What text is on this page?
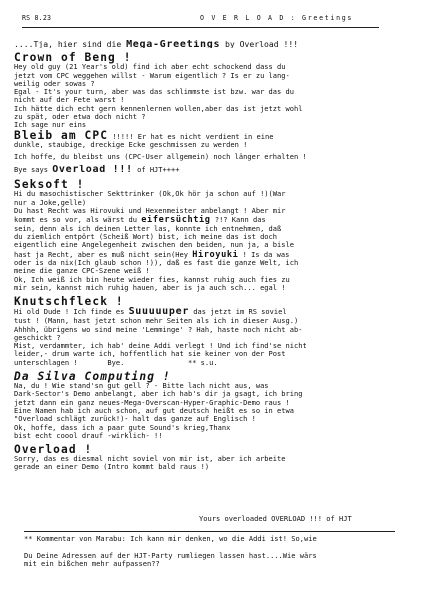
RS 8.23	O V E R L O A D : Greetings
....Tja, hier sind die Mega-Greetings by Overload !!!
Crown of Beng !
Hey old guy (21 Year's old) find ich aber echt schockend dass du
jetzt vom CPC weggehen willst - Warum eigentlich ? Is er zu lang-
weilig oder sowas ?
Egal - It's your turn, aber was das schlimmste ist bzw. war das du
nicht auf der Fete warst !
Ich hätte dich echt gern kennenlernen wollen,aber das ist jetzt wohl
zu spät, oder etwa doch nicht ?
Ich sage nur eins
Bleib am CPC !!!!! Er hat es nicht verdient in eine
dunkle, staubige, dreckige Ecke geschmissen zu werden !
Ich hoffe, du bleibst uns (CPC-User allgemein) noch länger erhalten !
Bye says Overload !!! of HJT++++
Seksoft !
Hi du masochistischer Sekttrinker (Ok,Ok hör ja schon auf !)(War
nur a Joke,gelle)
Du hast Recht was Hirovuki und Hexenmeister anbelangt ! Aber mir
kommt es so vor, als wärst du eifersüchtig ?!? Kann das
sein, denn als ich deinen Letter las, konnte ich entnehmen, daß
du ziemlich entpört (Scheiß Wort) bist, ich meine das ist doch
eigentlich eine Angelegenheit zwischen den beiden, nun ja, a bisle
hast ja Recht, aber es muß nicht sein(Hey Hiroyuki ! Is da was
oder is da nix(Ich glaub schon !)), daß es fast die ganze Welt, ich
meine die ganze CPC-Szene weiß !
Ok, Ich weiß ich bin heute wieder fies, kannst ruhig auch fies zu
mir sein, kannst mich ruhig hauen, aber is ja auch sch... egal !
Knutschfleck !
Hi old Dude ! Ich finde es Suuuuuper das jetzt im RS soviel
tust ! (Mann, hast jetzt schon mehr Seiten als ich in dieser Ausg.)
Ahhhh, übrigens wo sind meine 'Lemminge' ? Hah, haste noch nicht ab-
geschickt ?
Mist, verdammter, ich hab' deine Addi verlegt ! Und ich find'se nicht
leider,- drum warte ich, hoffentlich hat sie keiner von der Post
unterschlagen !       Bye.               ** s.u.
Da Silva Computing !
Na, du ! Wie stand'sn gut gell ? - Bitte lach nicht aus, was
Dark-Sector's Demo anbelangt, aber ich hab's dir ja gsagt, ich bring
jetzt dann ein ganz neues-Mega-Overscan-Hyper-Graphic-Demo raus !
Eine Namen hab ich auch schon, auf gut deutsch heißt es so in etwa
"Overload schlägt zurück!)- halt das ganze auf Englisch !
Ok, hoffe, dass ich a paar gute Sound's krieg,Thanx
bist echt coool drauf -wirklich- !!
Overload !
Sorry, das es diesmal nicht soviel von mir ist, aber ich arbeite
gerade an einer Demo (Intro kommt bald raus !)
Yours overloaded OVERLOAD !!! of HJT
** Kommentar von Marabu: Ich kann mir denken, wo die Addi ist! So,wie
Du Deine Adressen auf der HJT-Party rumliegen lassen hast....Wie wärs
mit ein bißchen mehr aufpassen??
